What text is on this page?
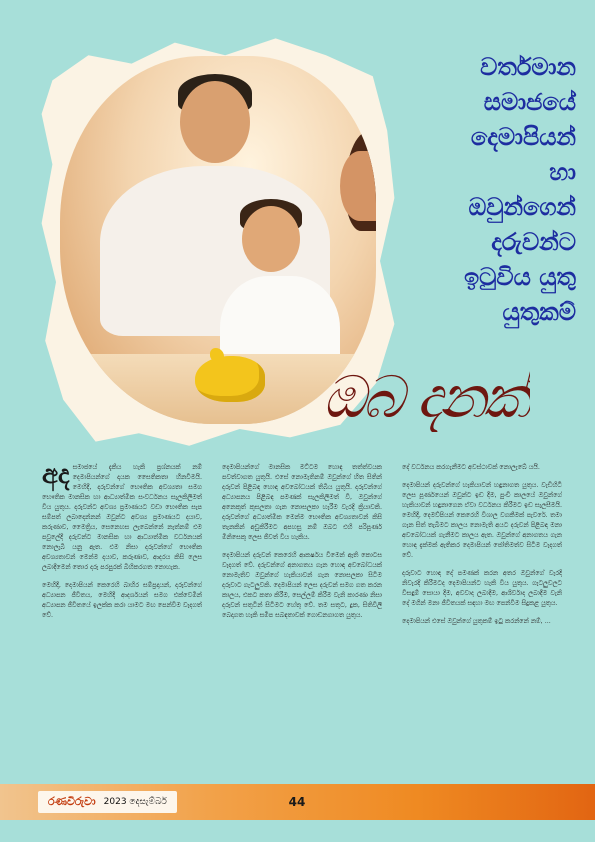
වර්තමාන
සමාජයේ
දෙමාපියන්
හා
ඔවුන්ගෙන්
දරුවන්ට
ඉටුවිය යුතු
යුතුකම්
ඔබ දනක්

අද සමාජයේ දැකිය හැකි ප්‍රශ්නයක් නම් දෙමාපියන්ගේ දායක සෛතිකතා හීනවීමයි. මෙහිදී, දරුවන්ගේ භෞතික අවශ්‍යතා සමග භෞතික මානසික හා ආධ්‍යාත්මික සංවර්ධනය සැලකිලිමත් විය යුතුය. දරුවන්ට අවශ්‍ය ප්‍රමාණයට වඩා භෞතික සැප සම්පත් ලබාදෙන්නන් ඔවුන්ට අවශ්‍ය ප්‍රමාණයට දයාව, කරුණාව, මෛත්‍රිය, සෙනෙහස ලැබෙන්නේ නැත්නම් එම පවුලේදී දරුවන්ට මානසික හා ආධ්‍යාත්මික වර්ධනයක් නොලැබී යනු ඇත. එම නිසා දරුවන්ගේ භෞතික අවශ්‍යතාවන් මෙන්ම දයාව, කරුණාව, ආදරය කිසි ලෙස ලබාදීමෙන් තොර දරු පරපුරක් බිහිකරගත නොහැක.

මෙහිදී, දෙමාපියන් කෙරෙහි බාහිර සම්ප්‍රදායන්, දරුවන්ගේ අධ්‍යාපන ජීවිතය, මෙහිදී ආදර්ශයන් සමග එක්වෙමින් අධ්‍යාපන ජීවිතයේ ඉලක්ක කරා යාමට මඟ පෙන්වීම වැදගත් වේ.

දෙමාපියන්ගේ මානසික මට්ටම හොඳ තත්ත්වයක පවත්වාගත යුතුයි. එසේ නොමැතිනම් ඔවුන්ගේ හිත සිතින් දරුවන් පිළිබඳ හොඳ අවබෝධයක් තිබිය යුතුයි. දරුවන්ගේ අධ්‍යාපනය පිළිබඳ පමණක් සැලකිලිමත් වී, ඔවුන්ගේ අනෙකුත් කුසලතා ගැන නොසලකා හැරීම වැරදි ක්‍රියාවකි. දරුවන්ගේ අධ්‍යාත්මික මෙන්ම භෞතික අවශ්‍යතාවන් කිසි තැනකින් අඩුකිරීමට අපහසු නම් ඔබට එහි පරිපූර්ණ මිනිසෙකු ලෙස ජීවත් විය හැකිය.

දෙමාපියන් දරුවන් කෙරෙහි ආකර්ෂය වීමෙන් ඇති කොටස වැදගත් වේ. දරුවන්ගේ අනාගතය ගැන හොඳ අවබෝධයක් නොමැතිව ඔවුන්ගේ හැකියාවන් ගැන නොසලකා සිටීම දරුවාට ගැටලුවකි. දෙමාපියන් ලෙස දරුවන් සමග ගත කරන කාලය, එකට කතා කිරීම, සෙල්ලම් කිරීම වැනි කාරණා නිසා දරුවන් සතුටින් සිටීමට හේතු වේ. තම සතුට, දුක, සිතිවිලි බෙදාගත හැකි සමීප සබඳතාවක් ගොඩනගාගත යුතුය.

දේ වර්ධනය කරගැනීමට අවස්ථාවක් නොලැබේ යයි.

දෙමාපියන් දරුවන්ගේ හැකියාවන් හඳුනාගත යුතුය. වැඩිහිටි ලෙස පූර්ණයෙන් ඔවුන්ට ඉඩ දීම, පුංචි කාලයේ ඔවුන්ගේ හැකියාවන් හඳුනාගෙන ඒවා වර්ධනය කිරීමට ඉඩ සැලසීමයි. මෙහිදී, දෙමව්පියන් කෙරෙහි විශාල වගකීමක් පැවරේ. තමා ගැන සිත් තැබීමට කාලය නොමැති අයට දරුවන් පිළිබඳ මනා අවබෝධයක් ගැනීමට කාලය ඇත. ඔවුන්ගේ අනාගතය ගැන හොඳ දැක්මක් ඇතිකර දෙමාපියන් ජෝතිමත්ව සිටීම වැදගත් වේ.

දරුවාට හොඳ දේ පමණක් කරන අතර ඔවුන්ගේ වැරදි නිවැරදි කිරීමටද දෙමාපියන්ට හැකි විය යුතුය. ගැටලුවලට විසඳුම් සොයා දීම, අවවාද ලබාදීම, ආශිර්වාද ලබාදීම වැනි දේ මගින් මනා ජීවිතයක් සඳහා මඟ පෙන්වීම සිදුකළ යුතුය.

දෙමාපියන් එසේ ඔවුන්ගේ යුතුකම් ඉටු කරන්නේ නම්, ...

රණවිරුවා 2023 දෙසැම්බර්	44
